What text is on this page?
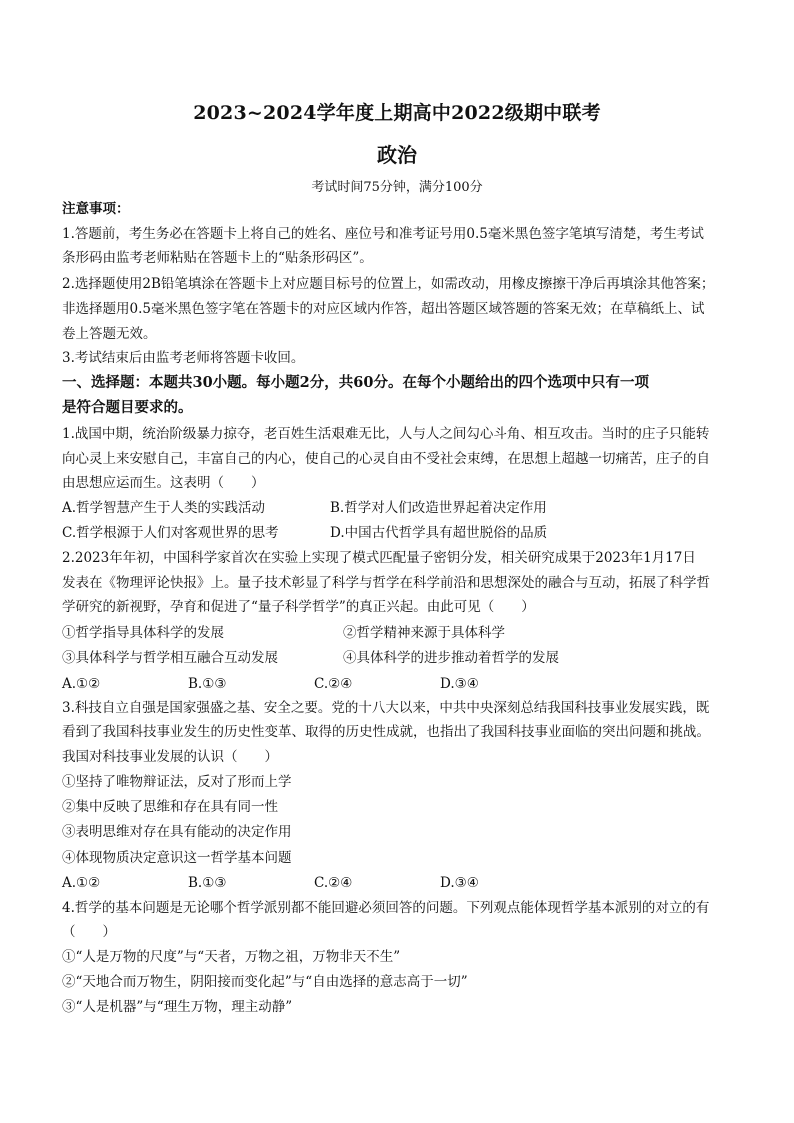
2023~2024学年度上期高中2022级期中联考
政治
考试时间75分钟，满分100分
注意事项：
1.答题前，考生务必在答题卡上将自己的姓名、座位号和准考证号用0.5毫米黑色签字笔填写清楚，考生考试
条形码由监考老师粘贴在答题卡上的“贴条形码区”。
2.选择题使用2B铅笔填涂在答题卡上对应题目标号的位置上，如需改动，用橡皮擦擦干净后再填涂其他答案；
非选择题用0.5毫米黑色签字笔在答题卡的对应区域内作答，超出答题区域答题的答案无效；在草稿纸上、试
卷上答题无效。
3.考试结束后由监考老师将答题卡收回。
一、选择题：本题共30小题。每小题2分，共60分。在每个小题给出的四个选项中只有一项
是符合题目要求的。
1.战国中期，统治阶级暴力掠夺，老百姓生活艰难无比，人与人之间勾心斗角、相互攻击。当时的庄子只能转
向心灵上来安慰自己，丰富自己的内心，使自己的心灵自由不受社会束缚，在思想上超越一切痛苦，庄子的自
由思想应运而生。这表明（　　）
A.哲学智慧产生于人类的实践活动	B.哲学对人们改造世界起着决定作用
C.哲学根源于人们对客观世界的思考	D.中国古代哲学具有超世脱俗的品质
2.2023年年初，中国科学家首次在实验上实现了模式匹配量子密钥分发，相关研究成果于2023年1月17日
发表在《物理评论快报》上。量子技术彰显了科学与哲学在科学前沿和思想深处的融合与互动，拓展了科学哲
学研究的新视野，孕育和促进了“量子科学哲学”的真正兴起。由此可见（　　）
①哲学指导具体科学的发展	②哲学精神来源于具体科学
③具体科学与哲学相互融合互动发展	④具体科学的进步推动着哲学的发展
A.①②	B.①③	C.②④	D.③④
3.科技自立自强是国家强盛之基、安全之要。党的十八大以来，中共中央深刻总结我国科技事业发展实践，既
看到了我国科技事业发生的历史性变革、取得的历史性成就，也指出了我国科技事业面临的突出问题和挑战。
我国对科技事业发展的认识（　　）
①坚持了唯物辩证法，反对了形而上学
②集中反映了思维和存在具有同一性
③表明思维对存在具有能动的决定作用
④体现物质决定意识这一哲学基本问题
A.①②	B.①③	C.②④	D.③④
4.哲学的基本问题是无论哪个哲学派别都不能回避必须回答的问题。下列观点能体现哲学基本派别的对立的有
（　　）
①“人是万物的尺度”与“天者，万物之祖，万物非天不生”
②“天地合而万物生，阴阳接而变化起”与“自由选择的意志高于一切”
③“人是机器”与“理生万物，理主动静”
